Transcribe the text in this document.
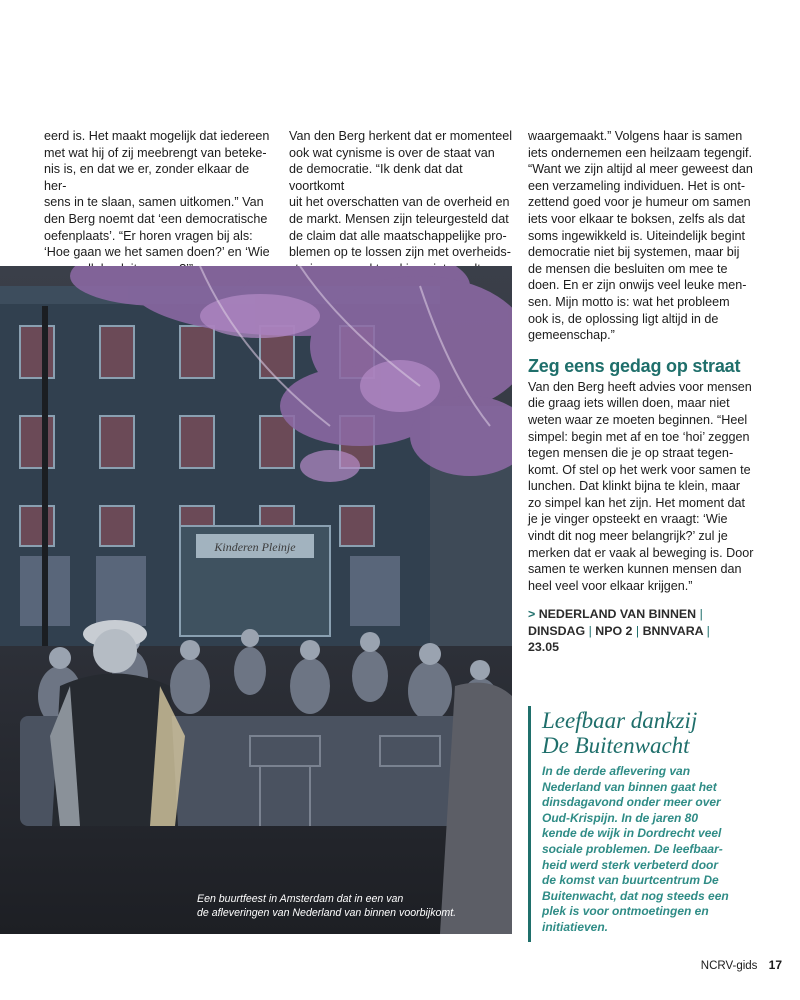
eerd is. Het maakt mogelijk dat iedereen

met wat hij of zij meebrengt van beteke-

nis is, en dat we er, zonder elkaar de her-

sens in te slaan, samen uitkomen.” Van

den Berg noemt dat ‘een democratische

oefenplaats’. “Er horen vragen bij als:

‘Hoe gaan we het samen doen?’ en ‘Wie

Van den Berg herkent dat er momenteel

ook wat cynisme is over de staat van

de democratie. “Ik denk dat dat voortkomt

uit het overschatten van de overheid en

de markt. Mensen zijn teleurgesteld dat

de claim dat alle maatschappelijke pro-

blemen op te lossen zijn met overheids-

waargemaakt.” Volgens haar is samen

iets ondernemen een heilzaam tegengif.

“Want we zijn altijd al meer geweest dan

een verzameling individuen. Het is ont-

zettend goed voor je humeur om samen

iets voor elkaar te boksen, zelfs als dat

soms ingewikkeld is. Uiteindelijk begint

democratie niet bij systemen, maar bij

de mensen die besluiten om mee te

doen. En er zijn onwijs veel leuke men-

sen. Mijn motto is: wat het probleem

ook is, de oplossing ligt altijd in de

gemeenschap.”

Zeg eens gedag op straat

Van den Berg heeft advies voor mensen

die graag iets willen doen, maar niet

weten waar ze moeten beginnen. “Heel

simpel: begin met af en toe ‘hoi’ zeggen

tegen mensen die je op straat tegen-

komt. Of stel op het werk voor samen te

lunchen. Dat klinkt bijna te klein, maar

zo simpel kan het zijn. Het moment dat

je je vinger opsteekt en vraagt: ‘Wie

vindt dit nog meer belangrijk?’ zul je

merken dat er vaak al beweging is. Door

samen te werken kunnen mensen dan

heel veel voor elkaar krijgen.”

> NEDERLAND VAN BINNEN |
DINSDAG | NPO 2 | BNNVARA |
23.05
Kinderen Pleinje
Een buurtfeest in Amsterdam dat in een van
de afleveringen van Nederland van binnen voorbijkomt.
Leefbaar dankzij
De Buitenwacht
In de derde aflevering van
Nederland van binnen gaat het
dinsdagavond onder meer over
Oud-Krispijn. In de jaren 80
kende de wijk in Dordrecht veel
sociale problemen. De leefbaar-
heid werd sterk verbeterd door
de komst van buurtcentrum De
Buitenwacht, dat nog steeds een
plek is voor ontmoetingen en
initiatieven.
NCRV-gids 17
